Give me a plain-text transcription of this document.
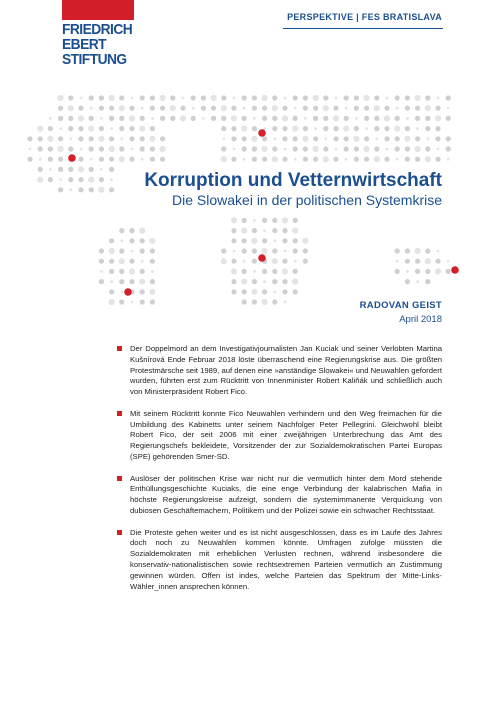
FRIEDRICH
EBERT
STIFTUNG
PERSPEKTIVE | FES BRATISLAVA
Korruption und Vetternwirtschaft
Die Slowakei in der politischen Systemkrise
RADOVAN GEIST
April 2018
Der Doppelmord an dem Investigativjournalisten Jan Kuciak und seiner Verlobten Martina Kušnírová Ende Februar 2018 löste überraschend eine Regierungskrise aus. Die größten Protestmärsche seit 1989, auf denen eine »anständige Slowakei« und Neuwahlen gefordert wurden, führten erst zum Rücktritt von Innenminister Robert Kaliňák und schließlich auch von Ministerpräsident Robert Fico.
Mit seinem Rücktritt konnte Fico Neuwahlen verhindern und den Weg freimachen für die Umbildung des Kabinetts unter seinem Nachfolger Peter Pellegrini. Gleichwohl bleibt Robert Fico, der seit 2006 mit einer zweijährigen Unterbrechung das Amt des Regierungschefs bekleidete, Vorsitzender der zur Sozialdemokratischen Partei Europas (SPE) gehörenden Smer-SD.
Auslöser der politischen Krise war nicht nur die vermutlich hinter dem Mord stehende Enthüllungsgeschichte Kuciaks, die eine enge Verbindung der kalabrischen Mafia in höchste Regierungskreise aufzeigt, sondern die systemimmanente Verquickung von dubiosen Geschäftemachern, Politikern und der Polizei sowie ein schwacher Rechtsstaat.
Die Proteste gehen weiter und es ist nicht ausgeschlossen, dass es im Laufe des Jahres doch noch zu Neuwahlen kommen könnte. Umfragen zufolge müssten die Sozialdemokraten mit erheblichen Verlusten rechnen, während insbesondere die konservativ-nationalistischen sowie rechtsextremen Parteien vermutlich an Zustimmung gewinnen würden. Offen ist indes, welche Parteien das Spektrum der Mitte-Links-Wähler_innen ansprechen können.
